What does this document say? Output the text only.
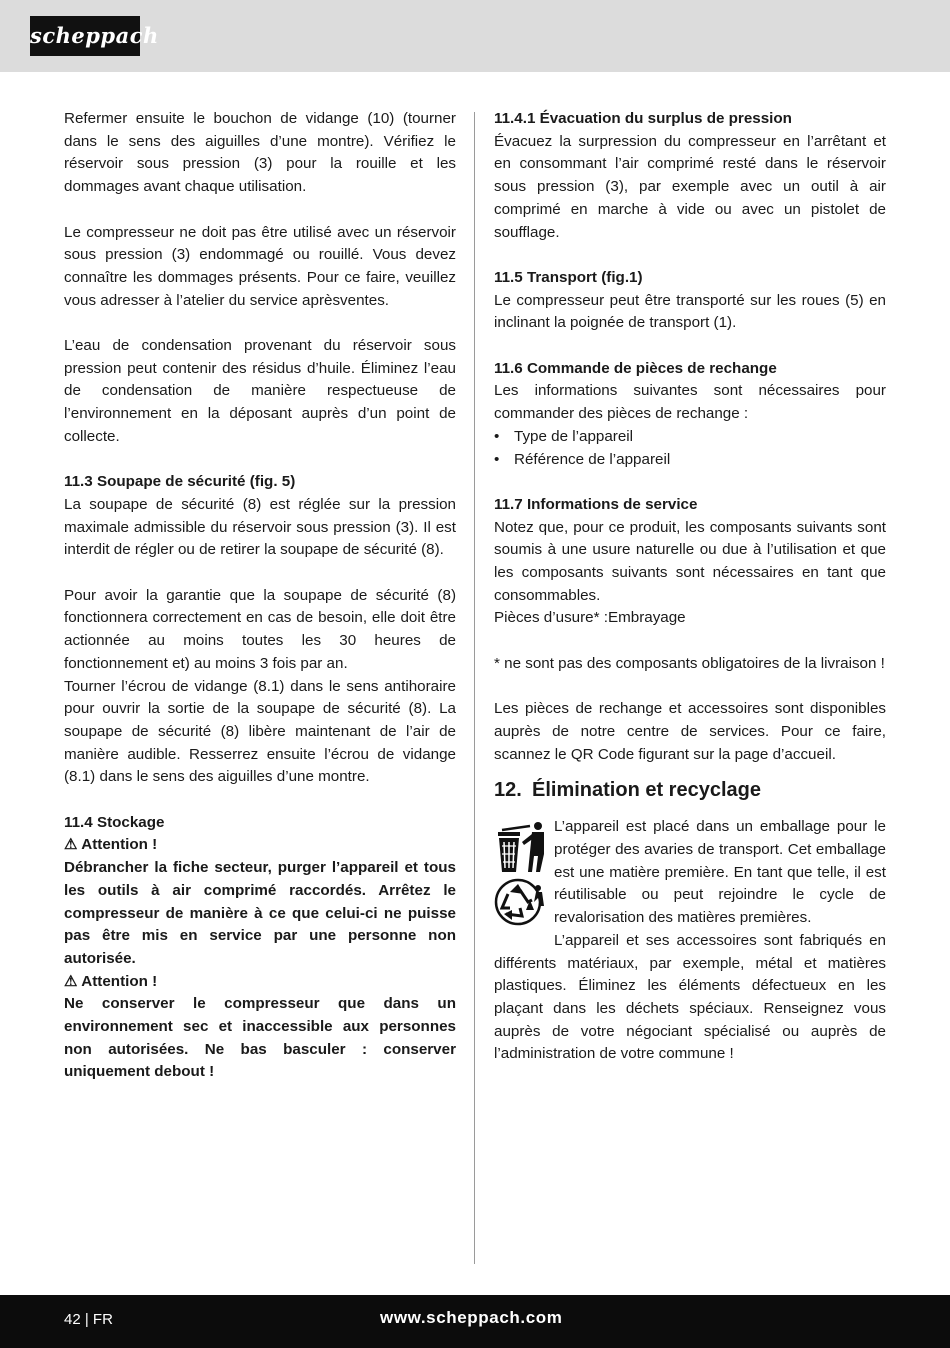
scheppach

Refermer ensuite le bouchon de vidange (10) (tourner dans le sens des aiguilles d’une montre). Vérifiez le réservoir sous pression (3) pour la rouille et les dommages avant chaque utilisation.

Le compresseur ne doit pas être utilisé avec un réservoir sous pression (3) endommagé ou rouillé. Vous devez connaître les dommages présents. Pour ce faire, veuillez vous adresser à l’atelier du service aprèsventes.

L’eau de condensation provenant du réservoir sous pression peut contenir des résidus d’huile. Éliminez l’eau de condensation de manière respectueuse de l’environnement en la déposant auprès d’un point de collecte.

11.3 Soupape de sécurité (fig. 5)

La soupape de sécurité (8) est réglée sur la pression maximale admissible du réservoir sous pression (3). Il est interdit de régler ou de retirer la soupape de sécurité (8).

Pour avoir la garantie que la soupape de sécurité (8) fonctionnera correctement en cas de besoin, elle doit être actionnée au moins toutes les 30 heures de fonctionnement et) au moins 3 fois par an.

Tourner l’écrou de vidange (8.1) dans le sens antihoraire pour ouvrir la sortie de la soupape de sécurité (8). La soupape de sécurité (8) libère maintenant de l’air de manière audible. Resserrez ensuite l’écrou de vidange (8.1) dans le sens des aiguilles d’une montre.

11.4 Stockage

⚠ Attention !

Débrancher la fiche secteur, purger l’appareil et tous les outils à air comprimé raccordés. Arrêtez le compresseur de manière à ce que celui-ci ne puisse pas être mis en service par une personne non autorisée.

⚠ Attention !

Ne conserver le compresseur que dans un environnement sec et inaccessible aux personnes non autorisées. Ne bas basculer : conserver uniquement debout !

11.4.1 Évacuation du surplus de pression

Évacuez la surpression du compresseur en l’arrêtant et en consommant l’air comprimé resté dans le réservoir sous pression (3), par exemple avec un outil à air comprimé en marche à vide ou avec un pistolet de soufflage.

11.5 Transport (fig.1)

Le compresseur peut être transporté sur les roues (5) en inclinant la poignée de transport (1).

11.6 Commande de pièces de rechange

Les informations suivantes sont nécessaires pour commander des pièces de rechange :

• Type de l’appareil
• Référence de l’appareil

11.7 Informations de service

Notez que, pour ce produit, les composants suivants sont soumis à une usure naturelle ou due à l’utilisation et que les composants suivants sont nécessaires en tant que consommables.

Pièces d’usure* :Embrayage

* ne sont pas des composants obligatoires de la livraison !

Les pièces de rechange et accessoires sont disponibles auprès de notre centre de services. Pour ce faire, scannez le QR Code figurant sur la page d’accueil.

12. Élimination et recyclage

L’appareil est placé dans un emballage pour le protéger des avaries de transport. Cet emballage est une matière première. En tant que telle, il est réutilisable ou peut rejoindre le cycle de revalorisation des matières premières.

L’appareil et ses accessoires sont fabriqués en différents matériaux, par exemple, métal et matières plastiques. Éliminez les éléments défectueux en les plaçant dans les déchets spéciaux. Renseignez vous auprès de votre négociant spécialisé ou auprès de l’administration de votre commune !

42 | FR	www.scheppach.com
